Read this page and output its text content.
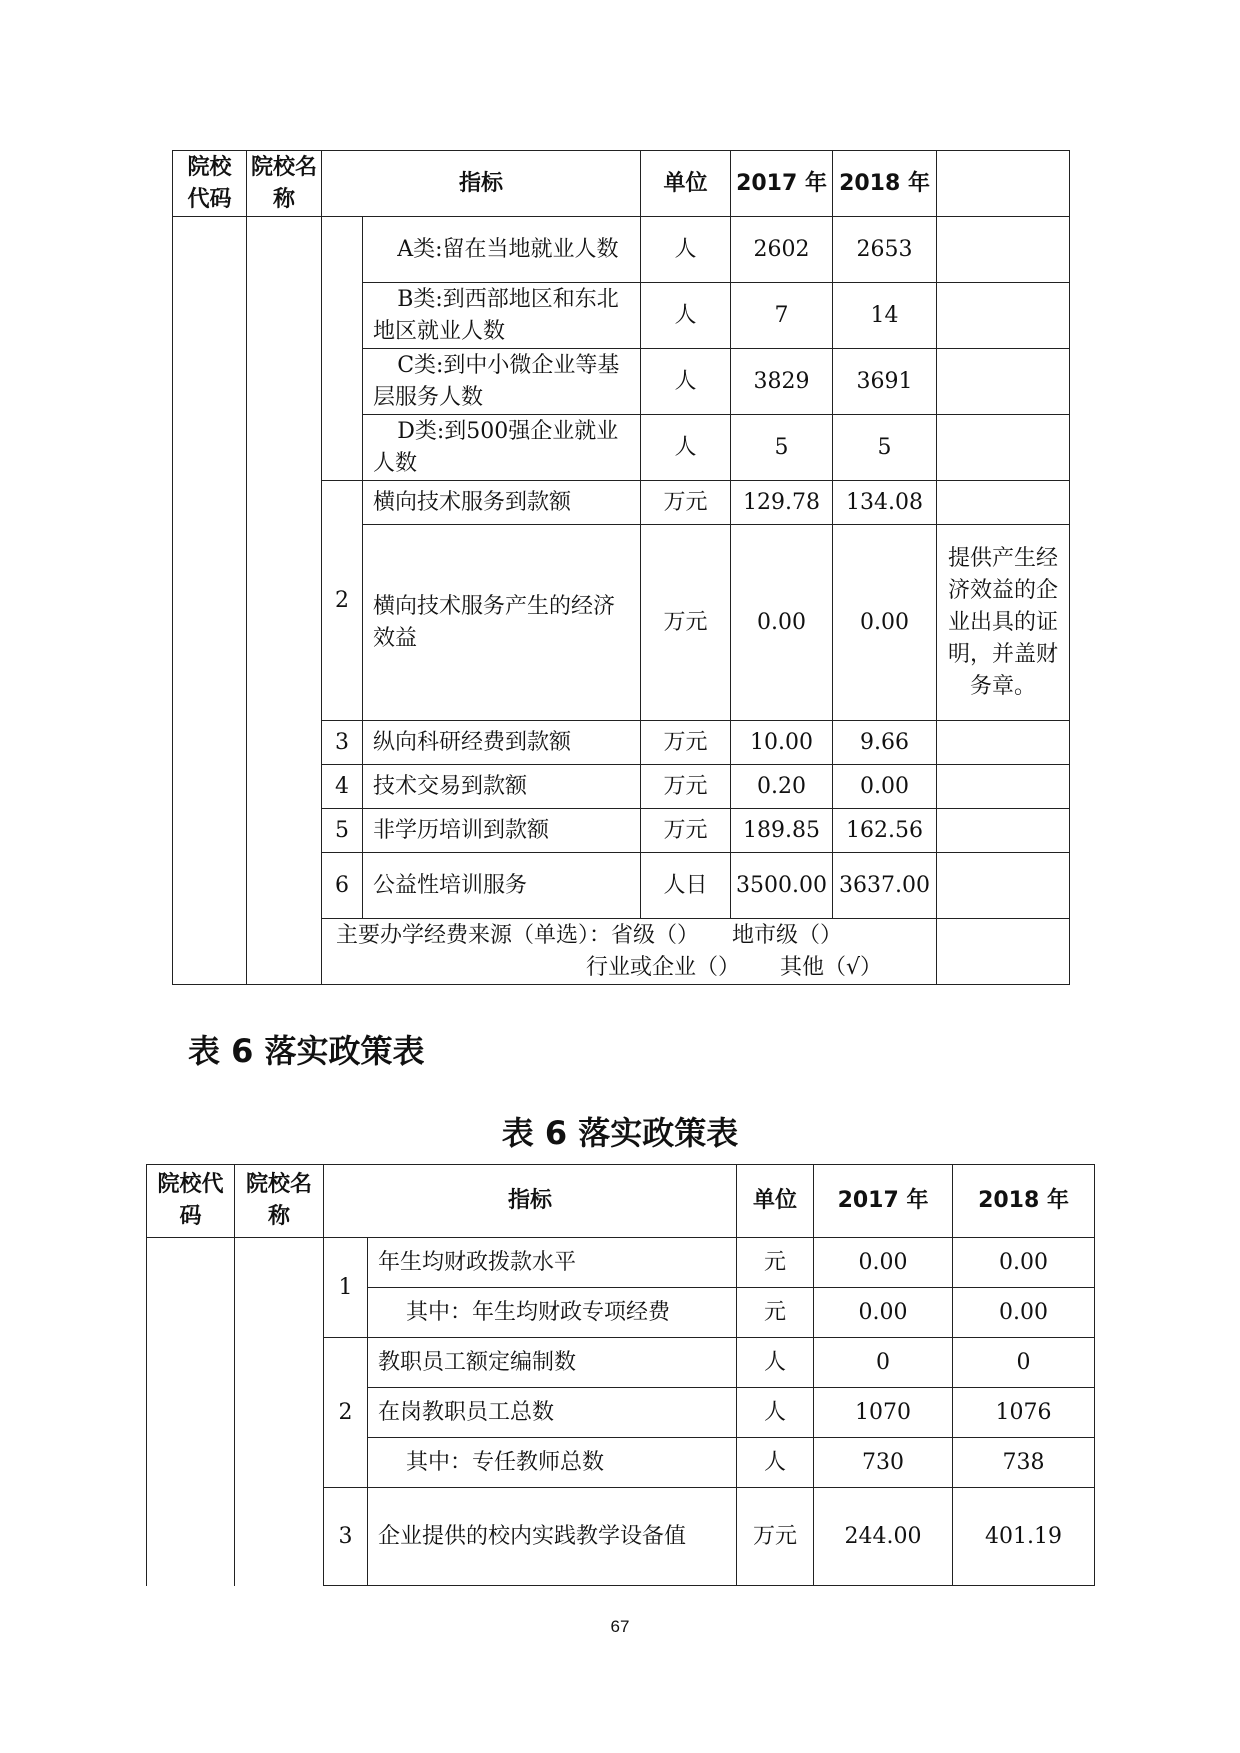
院校代码	院校名称	指标		单位	2017 年	2018 年	
			A类:留在当地就业人数	人	2602	2653	
			B类:到西部地区和东北地区就业人数	人	7	14	
			C类:到中小微企业等基层服务人数	人	3829	3691	
			D类:到500强企业就业人数	人	5	5	
		2	横向技术服务到款额	万元	129.78	134.08	
			横向技术服务产生的经济效益	万元	0.00	0.00	提供产生经济效益的企业出具的证明，并盖财务章。
		3	纵向科研经费到款额	万元	10.00	9.66	
		4	技术交易到款额	万元	0.20	0.00	
		5	非学历培训到款额	万元	189.85	162.56	
		6	公益性培训服务	人日	3500.00	3637.00	

		主要办学经费来源（单选）：省级（）　　地市级（）
行业或企业（）　　 其他（√）					

表 6 落实政策表
表 6 落实政策表
院校代码	院校名称	指标		单位	2017 年	2018 年
		1	年生均财政拨款水平	元	0.00	0.00
			其中：年生均财政专项经费	元	0.00	0.00
		2	教职员工额定编制数	人	0	0
			在岗教职员工总数	人	1070	1076
			其中：专任教师总数	人	730	738
		3	企业提供的校内实践教学设备值	万元	244.00	401.19
67
